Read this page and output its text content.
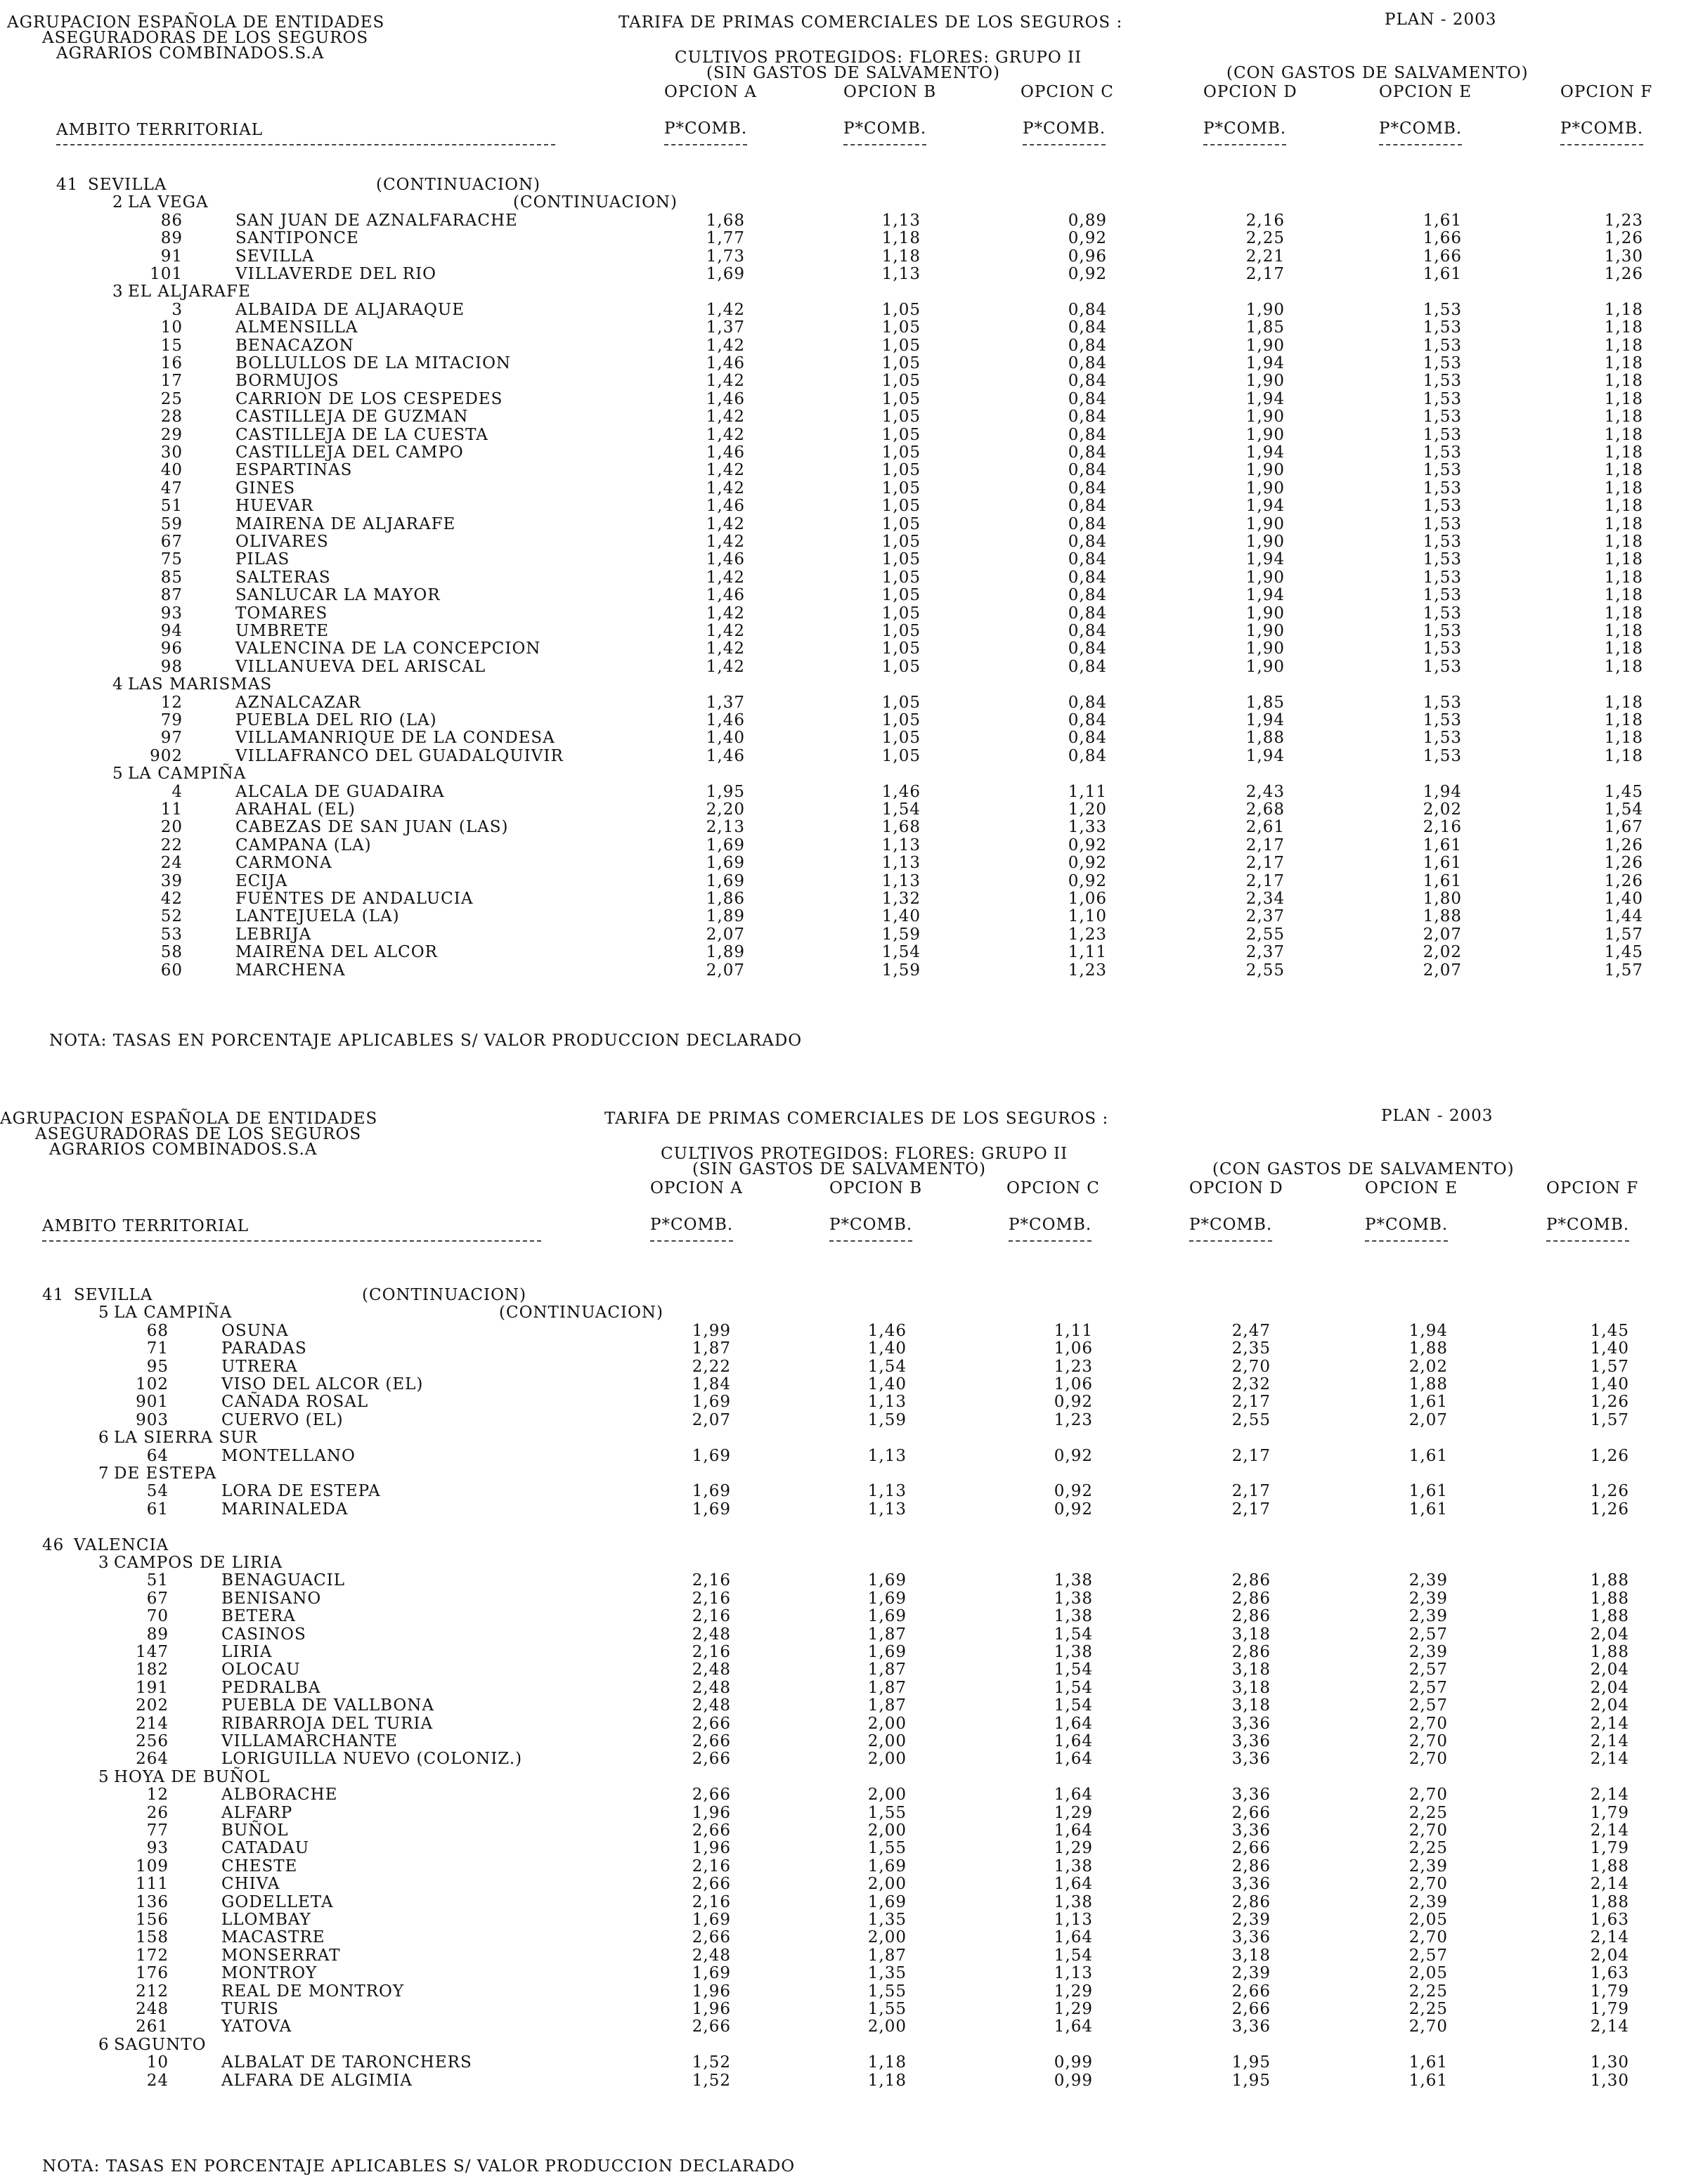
AGRUPACION ESPAÑOLA DE ENTIDADES
ASEGURADORAS DE LOS SEGUROS
AGRARIOS COMBINADOS.S.A
TARIFA DE PRIMAS COMERCIALES DE LOS SEGUROS :	PLAN - 2003
CULTIVOS PROTEGIDOS: FLORES: GRUPO II
(SIN GASTOS DE SALVAMENTO)	(CON GASTOS DE SALVAMENTO)
OPCION A	OPCION B	OPCION C	OPCION D	OPCION E	OPCION F
AMBITO TERRITORIAL	P*COMB.	P*COMB.	P*COMB.	P*COMB.	P*COMB.	P*COMB.
41 SEVILLA	(CONTINUACION)
2 LA VEGA	(CONTINUACION)
86	SAN JUAN DE AZNALFARACHE	1,68	1,13	0,89	2,16	1,61	1,23
89	SANTIPONCE	1,77	1,18	0,92	2,25	1,66	1,26
91	SEVILLA	1,73	1,18	0,96	2,21	1,66	1,30
101	VILLAVERDE DEL RIO	1,69	1,13	0,92	2,17	1,61	1,26
3 EL ALJARAFE
3	ALBAIDA DE ALJARAQUE	1,42	1,05	0,84	1,90	1,53	1,18
10	ALMENSILLA	1,37	1,05	0,84	1,85	1,53	1,18
15	BENACAZON	1,42	1,05	0,84	1,90	1,53	1,18
16	BOLLULLOS DE LA MITACION	1,46	1,05	0,84	1,94	1,53	1,18
17	BORMUJOS	1,42	1,05	0,84	1,90	1,53	1,18
25	CARRION DE LOS CESPEDES	1,46	1,05	0,84	1,94	1,53	1,18
28	CASTILLEJA DE GUZMAN	1,42	1,05	0,84	1,90	1,53	1,18
29	CASTILLEJA DE LA CUESTA	1,42	1,05	0,84	1,90	1,53	1,18
30	CASTILLEJA DEL CAMPO	1,46	1,05	0,84	1,94	1,53	1,18
40	ESPARTINAS	1,42	1,05	0,84	1,90	1,53	1,18
47	GINES	1,42	1,05	0,84	1,90	1,53	1,18
51	HUEVAR	1,46	1,05	0,84	1,94	1,53	1,18
59	MAIRENA DE ALJARAFE	1,42	1,05	0,84	1,90	1,53	1,18
67	OLIVARES	1,42	1,05	0,84	1,90	1,53	1,18
75	PILAS	1,46	1,05	0,84	1,94	1,53	1,18
85	SALTERAS	1,42	1,05	0,84	1,90	1,53	1,18
87	SANLUCAR LA MAYOR	1,46	1,05	0,84	1,94	1,53	1,18
93	TOMARES	1,42	1,05	0,84	1,90	1,53	1,18
94	UMBRETE	1,42	1,05	0,84	1,90	1,53	1,18
96	VALENCINA DE LA CONCEPCION	1,42	1,05	0,84	1,90	1,53	1,18
98	VILLANUEVA DEL ARISCAL	1,42	1,05	0,84	1,90	1,53	1,18
4 LAS MARISMAS
12	AZNALCAZAR	1,37	1,05	0,84	1,85	1,53	1,18
79	PUEBLA DEL RIO (LA)	1,46	1,05	0,84	1,94	1,53	1,18
97	VILLAMANRIQUE DE LA CONDESA	1,40	1,05	0,84	1,88	1,53	1,18
902	VILLAFRANCO DEL GUADALQUIVIR	1,46	1,05	0,84	1,94	1,53	1,18
5 LA CAMPIÑA
4	ALCALA DE GUADAIRA	1,95	1,46	1,11	2,43	1,94	1,45
11	ARAHAL (EL)	2,20	1,54	1,20	2,68	2,02	1,54
20	CABEZAS DE SAN JUAN (LAS)	2,13	1,68	1,33	2,61	2,16	1,67
22	CAMPANA (LA)	1,69	1,13	0,92	2,17	1,61	1,26
24	CARMONA	1,69	1,13	0,92	2,17	1,61	1,26
39	ECIJA	1,69	1,13	0,92	2,17	1,61	1,26
42	FUENTES DE ANDALUCIA	1,86	1,32	1,06	2,34	1,80	1,40
52	LANTEJUELA (LA)	1,89	1,40	1,10	2,37	1,88	1,44
53	LEBRIJA	2,07	1,59	1,23	2,55	2,07	1,57
58	MAIRENA DEL ALCOR	1,89	1,54	1,11	2,37	2,02	1,45
60	MARCHENA	2,07	1,59	1,23	2,55	2,07	1,57
NOTA: TASAS EN PORCENTAJE APLICABLES S/ VALOR PRODUCCION DECLARADO
AGRUPACION ESPAÑOLA DE ENTIDADES
ASEGURADORAS DE LOS SEGUROS
AGRARIOS COMBINADOS.S.A
TARIFA DE PRIMAS COMERCIALES DE LOS SEGUROS :	PLAN - 2003
CULTIVOS PROTEGIDOS: FLORES: GRUPO II
(SIN GASTOS DE SALVAMENTO)	(CON GASTOS DE SALVAMENTO)
OPCION A	OPCION B	OPCION C	OPCION D	OPCION E	OPCION F
AMBITO TERRITORIAL	P*COMB.	P*COMB.	P*COMB.	P*COMB.	P*COMB.	P*COMB.
41 SEVILLA	(CONTINUACION)
5 LA CAMPIÑA	(CONTINUACION)
68	OSUNA	1,99	1,46	1,11	2,47	1,94	1,45
71	PARADAS	1,87	1,40	1,06	2,35	1,88	1,40
95	UTRERA	2,22	1,54	1,23	2,70	2,02	1,57
102	VISO DEL ALCOR (EL)	1,84	1,40	1,06	2,32	1,88	1,40
901	CAÑADA ROSAL	1,69	1,13	0,92	2,17	1,61	1,26
903	CUERVO (EL)	2,07	1,59	1,23	2,55	2,07	1,57
6 LA SIERRA SUR
64	MONTELLANO	1,69	1,13	0,92	2,17	1,61	1,26
7 DE ESTEPA
54	LORA DE ESTEPA	1,69	1,13	0,92	2,17	1,61	1,26
61	MARINALEDA	1,69	1,13	0,92	2,17	1,61	1,26
46 VALENCIA
3 CAMPOS DE LIRIA
51	BENAGUACIL	2,16	1,69	1,38	2,86	2,39	1,88
67	BENISANO	2,16	1,69	1,38	2,86	2,39	1,88
70	BETERA	2,16	1,69	1,38	2,86	2,39	1,88
89	CASINOS	2,48	1,87	1,54	3,18	2,57	2,04
147	LIRIA	2,16	1,69	1,38	2,86	2,39	1,88
182	OLOCAU	2,48	1,87	1,54	3,18	2,57	2,04
191	PEDRALBA	2,48	1,87	1,54	3,18	2,57	2,04
202	PUEBLA DE VALLBONA	2,48	1,87	1,54	3,18	2,57	2,04
214	RIBARROJA DEL TURIA	2,66	2,00	1,64	3,36	2,70	2,14
256	VILLAMARCHANTE	2,66	2,00	1,64	3,36	2,70	2,14
264	LORIGUILLA NUEVO (COLONIZ.)	2,66	2,00	1,64	3,36	2,70	2,14
5 HOYA DE BUÑOL
12	ALBORACHE	2,66	2,00	1,64	3,36	2,70	2,14
26	ALFARP	1,96	1,55	1,29	2,66	2,25	1,79
77	BUÑOL	2,66	2,00	1,64	3,36	2,70	2,14
93	CATADAU	1,96	1,55	1,29	2,66	2,25	1,79
109	CHESTE	2,16	1,69	1,38	2,86	2,39	1,88
111	CHIVA	2,66	2,00	1,64	3,36	2,70	2,14
136	GODELLETA	2,16	1,69	1,38	2,86	2,39	1,88
156	LLOMBAY	1,69	1,35	1,13	2,39	2,05	1,63
158	MACASTRE	2,66	2,00	1,64	3,36	2,70	2,14
172	MONSERRAT	2,48	1,87	1,54	3,18	2,57	2,04
176	MONTROY	1,69	1,35	1,13	2,39	2,05	1,63
212	REAL DE MONTROY	1,96	1,55	1,29	2,66	2,25	1,79
248	TURIS	1,96	1,55	1,29	2,66	2,25	1,79
261	YATOVA	2,66	2,00	1,64	3,36	2,70	2,14
6 SAGUNTO
10	ALBALAT DE TARONCHERS	1,52	1,18	0,99	1,95	1,61	1,30
24	ALFARA DE ALGIMIA	1,52	1,18	0,99	1,95	1,61	1,30
NOTA: TASAS EN PORCENTAJE APLICABLES S/ VALOR PRODUCCION DECLARADO
